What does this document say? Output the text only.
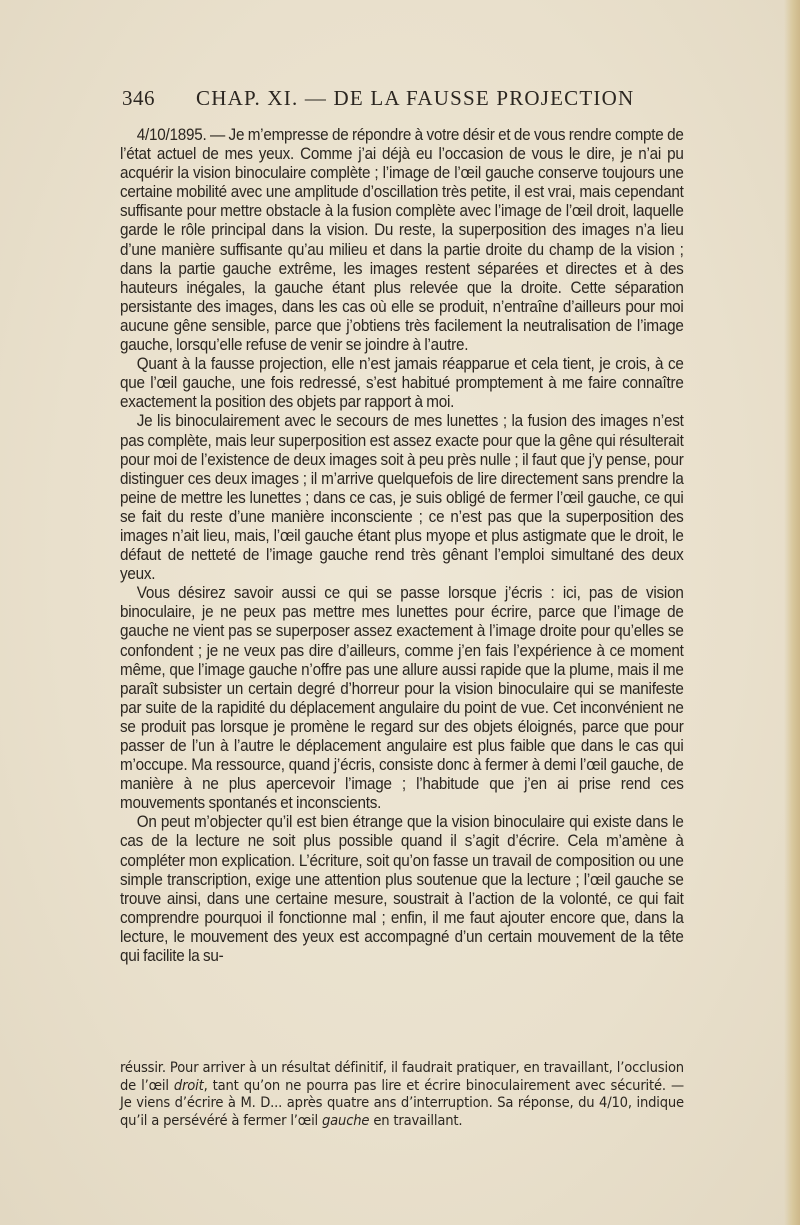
346 CHAP. XI. — DE LA FAUSSE PROJECTION

4/10/1895. — Je m’empresse de répondre à votre désir et de vous rendre compte de l’état actuel de mes yeux. Comme j’ai déjà eu l’occasion de vous le dire, je n’ai pu acquérir la vision binoculaire complète ; l’image de l’œil gauche conserve toujours une certaine mobilité avec une amplitude d’oscillation très petite, il est vrai, mais cependant suffisante pour mettre obstacle à la fusion complète avec l’image de l’œil droit, laquelle garde le rôle principal dans la vision. Du reste, la superposition des images n’a lieu d’une manière suffisante qu’au milieu et dans la partie droite du champ de la vision ; dans la partie gauche extrême, les images restent séparées et directes et à des hauteurs inégales, la gauche étant plus relevée que la droite. Cette séparation persistante des images, dans les cas où elle se produit, n’entraîne d’ailleurs pour moi aucune gêne sensible, parce que j’obtiens très facilement la neutralisation de l’image gauche, lorsqu’elle refuse de venir se joindre à l’autre.

Quant à la fausse projection, elle n’est jamais réapparue et cela tient, je crois, à ce que l’œil gauche, une fois redressé, s’est habitué promptement à me faire connaître exactement la position des objets par rapport à moi.

Je lis binoculairement avec le secours de mes lunettes ; la fusion des images n’est pas complète, mais leur superposition est assez exacte pour que la gêne qui résulterait pour moi de l’existence de deux images soit à peu près nulle ; il faut que j’y pense, pour distinguer ces deux images ; il m’arrive quelquefois de lire directement sans prendre la peine de mettre les lunettes ; dans ce cas, je suis obligé de fermer l’œil gauche, ce qui se fait du reste d’une manière inconsciente ; ce n’est pas que la superposition des images n’ait lieu, mais, l’œil gauche étant plus myope et plus astigmate que le droit, le défaut de netteté de l’image gauche rend très gênant l’emploi simultané des deux yeux.

Vous désirez savoir aussi ce qui se passe lorsque j’écris : ici, pas de vision binoculaire, je ne peux pas mettre mes lunettes pour écrire, parce que l’image de gauche ne vient pas se superposer assez exactement à l’image droite pour qu’elles se confondent ; je ne veux pas dire d’ailleurs, comme j’en fais l’expérience à ce moment même, que l’image gauche n’offre pas une allure aussi rapide que la plume, mais il me paraît subsister un certain degré d’horreur pour la vision binoculaire qui se manifeste par suite de la rapidité du déplacement angulaire du point de vue. Cet inconvénient ne se produit pas lorsque je promène le regard sur des objets éloignés, parce que pour passer de l’un à l’autre le déplacement angulaire est plus faible que dans le cas qui m’occupe. Ma ressource, quand j’écris, consiste donc à fermer à demi l’œil gauche, de manière à ne plus apercevoir l’image ; l’habitude que j’en ai prise rend ces mouvements spontanés et inconscients.

On peut m’objecter qu’il est bien étrange que la vision binoculaire qui existe dans le cas de la lecture ne soit plus possible quand il s’agit d’écrire. Cela m’amène à compléter mon explication. L’écriture, soit qu’on fasse un travail de composition ou une simple transcription, exige une attention plus soutenue que la lecture ; l’œil gauche se trouve ainsi, dans une certaine mesure, soustrait à l’action de la volonté, ce qui fait comprendre pourquoi il fonctionne mal ; enfin, il me faut ajouter encore que, dans la lecture, le mouvement des yeux est accompagné d’un certain mouvement de la tête qui facilite la su-

réussir. Pour arriver à un résultat définitif, il faudrait pratiquer, en travaillant, l’occlusion de l’œil droit, tant qu’on ne pourra pas lire et écrire binoculairement avec sécurité. — Je viens d’écrire à M. D... après quatre ans d’interruption. Sa réponse, du 4/10, indique qu’il a persévéré à fermer l’œil gauche en travaillant.
